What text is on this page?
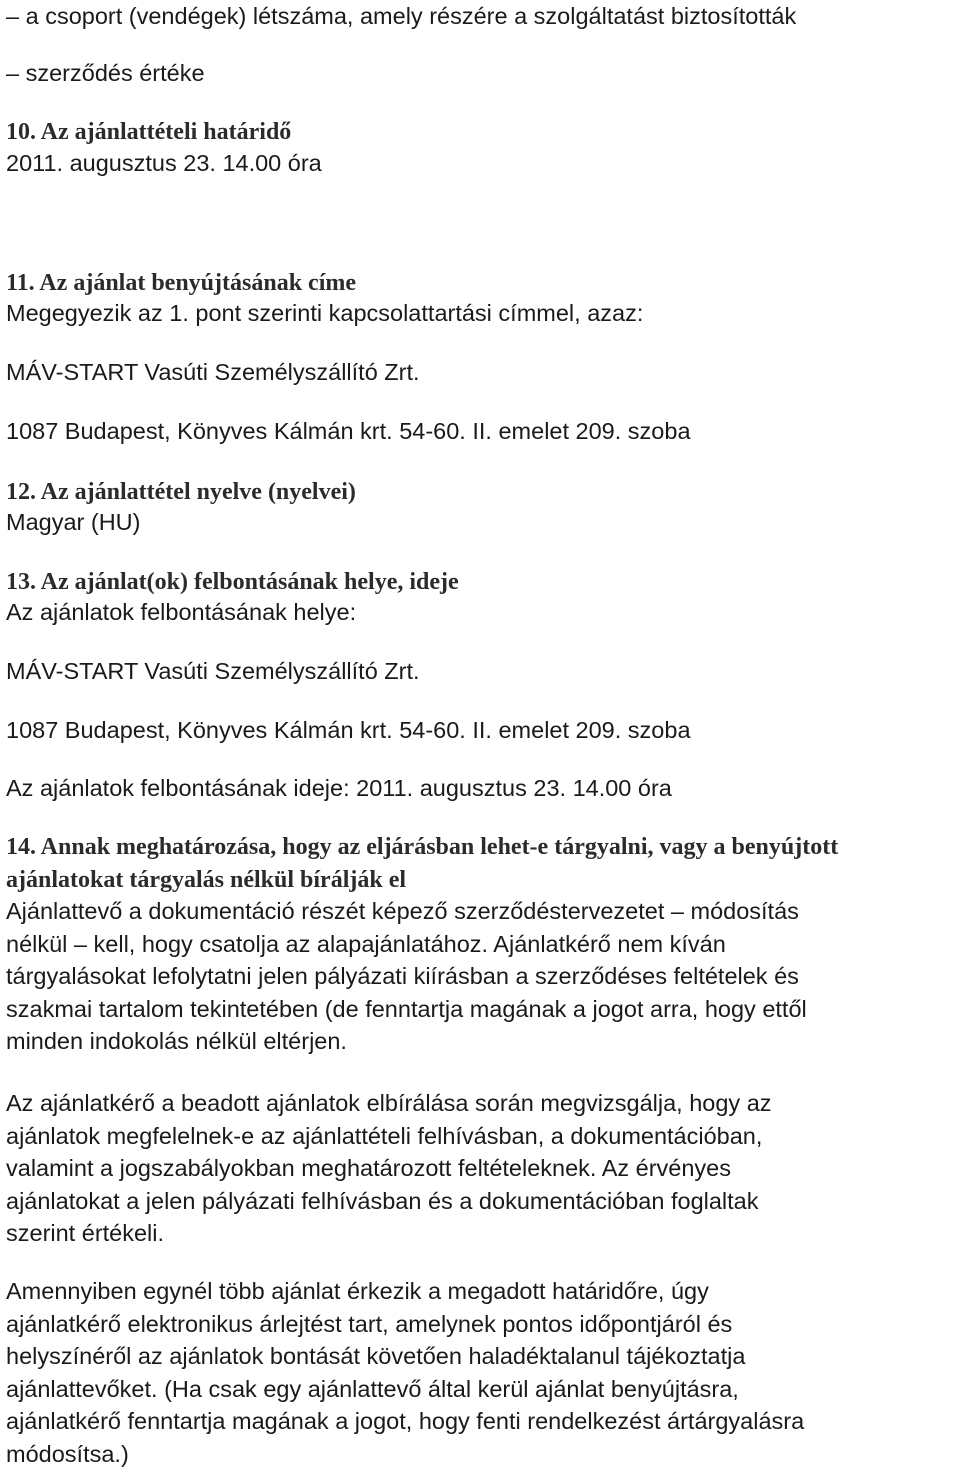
– a csoport (vendégek) létszáma, amely részére a szolgáltatást biztosították
– szerződés értéke
10. Az ajánlattételi határidő
2011. augusztus 23. 14.00 óra
11. Az ajánlat benyújtásának címe
Megegyezik az 1. pont szerinti kapcsolattartási címmel, azaz:
MÁV-START Vasúti Személyszállító Zrt.
1087 Budapest, Könyves Kálmán krt. 54-60. II. emelet 209. szoba
12. Az ajánlattétel nyelve (nyelvei)
Magyar (HU)
13. Az ajánlat(ok) felbontásának helye, ideje
Az ajánlatok felbontásának helye:
MÁV-START Vasúti Személyszállító Zrt.
1087 Budapest, Könyves Kálmán krt. 54-60. II. emelet 209. szoba
Az ajánlatok felbontásának ideje: 2011. augusztus 23. 14.00 óra
14. Annak meghatározása, hogy az eljárásban lehet-e tárgyalni, vagy a benyújtott
ajánlatokat tárgyalás nélkül bírálják el
Ajánlattevő a dokumentáció részét képező szerződéstervezetet – módosítás
nélkül – kell, hogy csatolja az alapajánlatához. Ajánlatkérő nem kíván
tárgyalásokat lefolytatni jelen pályázati kiírásban a szerződéses feltételek és
szakmai tartalom tekintetében (de fenntartja magának a jogot arra, hogy ettől
minden indokolás nélkül eltérjen.
Az ajánlatkérő a beadott ajánlatok elbírálása során megvizsgálja, hogy az
ajánlatok megfelelnek-e az ajánlattételi felhívásban, a dokumentációban,
valamint a jogszabályokban meghatározott feltételeknek. Az érvényes
ajánlatokat a jelen pályázati felhívásban és a dokumentációban foglaltak
szerint értékeli.
Amennyiben egynél több ajánlat érkezik a megadott határidőre, úgy
ajánlatkérő elektronikus árlejtést tart, amelynek pontos időpontjáról és
helyszínéről az ajánlatok bontását követően haladéktalanul tájékoztatja
ajánlattevőket. (Ha csak egy ajánlattevő által kerül ajánlat benyújtásra,
ajánlatkérő fenntartja magának a jogot, hogy fenti rendelkezést ártárgyalásra
módosítsa.)
